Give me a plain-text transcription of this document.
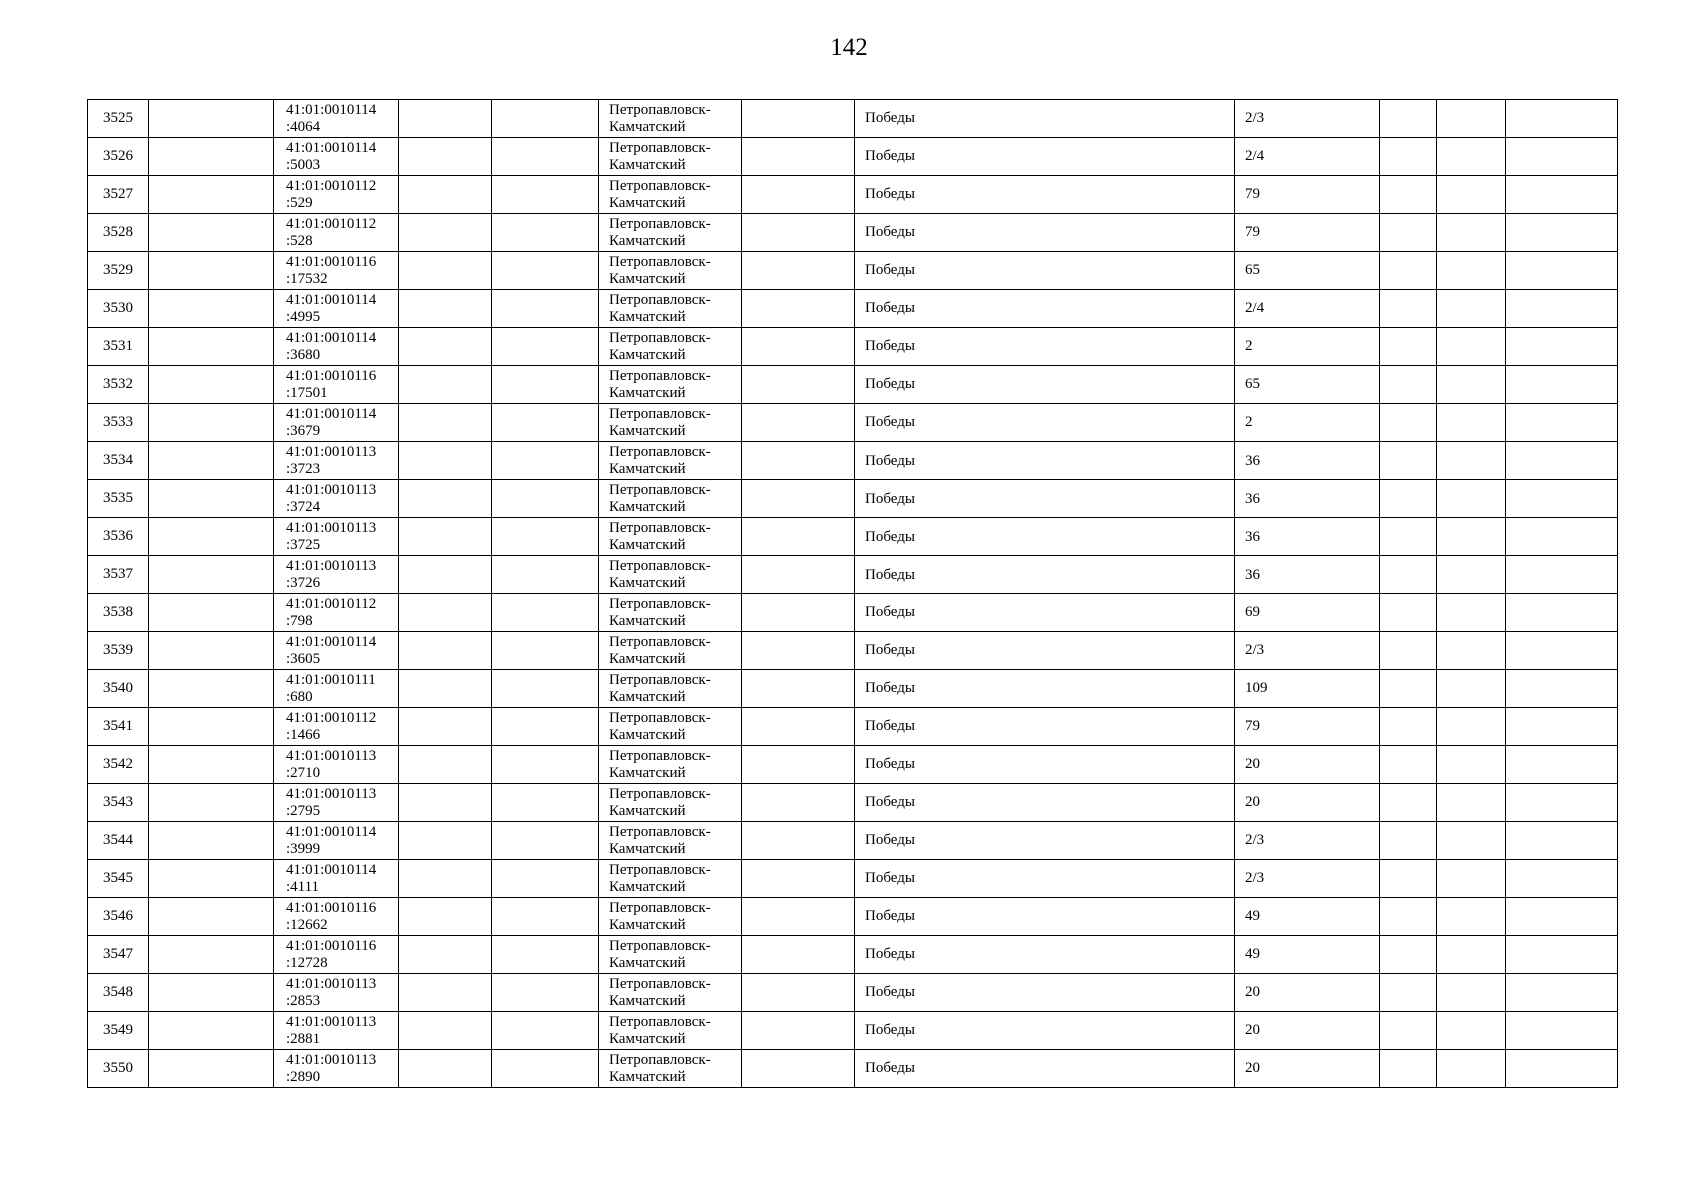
142
3525		41:01:0010114
:4064			Петропавловск-
Камчатский		Победы	2/3			
3526		41:01:0010114
:5003			Петропавловск-
Камчатский		Победы	2/4			
3527		41:01:0010112
:529			Петропавловск-
Камчатский		Победы	79			
3528		41:01:0010112
:528			Петропавловск-
Камчатский		Победы	79			
3529		41:01:0010116
:17532			Петропавловск-
Камчатский		Победы	65			
3530		41:01:0010114
:4995			Петропавловск-
Камчатский		Победы	2/4			
3531		41:01:0010114
:3680			Петропавловск-
Камчатский		Победы	2			
3532		41:01:0010116
:17501			Петропавловск-
Камчатский		Победы	65			
3533		41:01:0010114
:3679			Петропавловск-
Камчатский		Победы	2			
3534		41:01:0010113
:3723			Петропавловск-
Камчатский		Победы	36			

3535		41:01:0010113
:3724			Петропавловск-
Камчатский		Победы	36			

3536		41:01:0010113
:3725			Петропавловск-
Камчатский		Победы	36			

3537		41:01:0010113
:3726			Петропавловск-
Камчатский		Победы	36			

3538		41:01:0010112
:798			Петропавловск-
Камчатский		Победы	69			
3539		41:01:0010114
:3605			Петропавловск-
Камчатский		Победы	2/3			
3540		41:01:0010111
:680			Петропавловск-
Камчатский		Победы	109			
3541		41:01:0010112
:1466			Петропавловск-
Камчатский		Победы	79			
3542		41:01:0010113
:2710			Петропавловск-
Камчатский		Победы	20			
3543		41:01:0010113
:2795			Петропавловск-
Камчатский		Победы	20			
3544		41:01:0010114
:3999			Петропавловск-
Камчатский		Победы	2/3			
3545		41:01:0010114
:4111			Петропавловск-
Камчатский		Победы	2/3			
3546		41:01:0010116
:12662			Петропавловск-
Камчатский		Победы	49			
3547		41:01:0010116
:12728			Петропавловск-
Камчатский		Победы	49			
3548		41:01:0010113
:2853			Петропавловск-
Камчатский		Победы	20			
3549		41:01:0010113
:2881			Петропавловск-
Камчатский		Победы	20			
3550		41:01:0010113
:2890			Петропавловск-
Камчатский		Победы	20			
